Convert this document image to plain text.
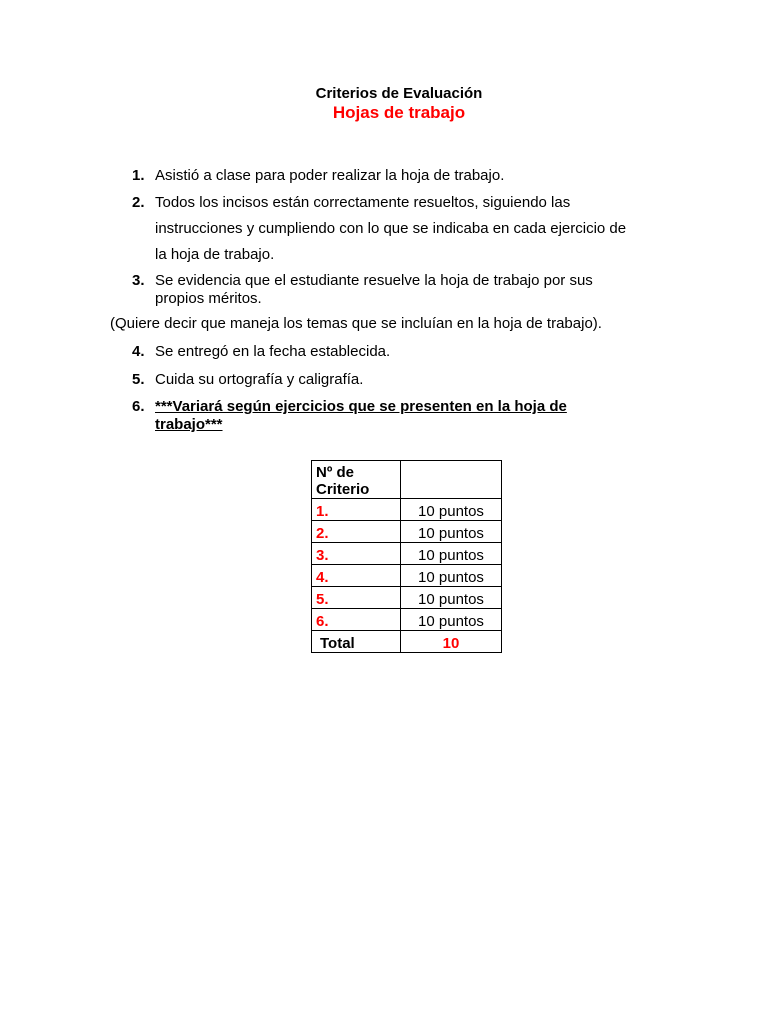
Criterios de Evaluación
Hojas de trabajo
1. Asistió a clase para poder realizar la hoja de trabajo.
2. Todos los incisos están correctamente resueltos, siguiendo las instrucciones y cumpliendo con lo que se indicaba en cada ejercicio de la hoja de trabajo.
3. Se evidencia que el estudiante resuelve la hoja de trabajo por sus propios méritos.
(Quiere decir que maneja los temas que se incluían en la hoja de trabajo).
4. Se entregó en la fecha establecida.
5. Cuida su ortografía y caligrafía.
6. ***Variará según ejercicios que se presenten en la hoja de trabajo***
Nº de Criterio	
1.	10 puntos
2.	10 puntos
3.	10 puntos
4.	10 puntos
5.	10 puntos
6.	10 puntos
Total	10
